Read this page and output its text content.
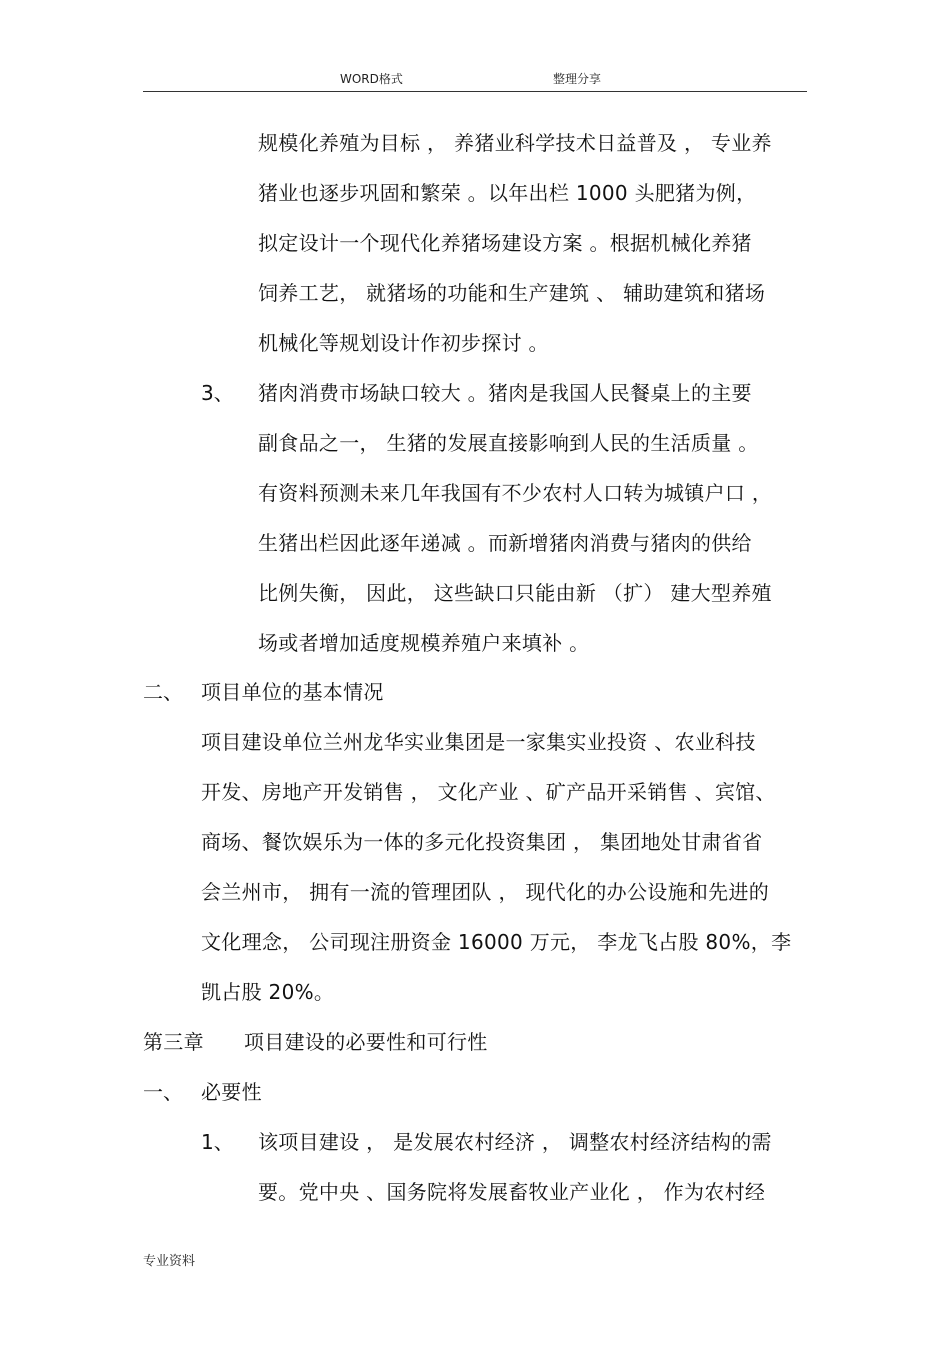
WORD格式	整理分享
规模化养殖为目标 ， 养猪业科学技术日益普及 ， 专业养
猪业也逐步巩固和繁荣 。以年出栏 1000 头肥猪为例，
拟定设计一个现代化养猪场建设方案 。根据机械化养猪
饲养工艺， 就猪场的功能和生产建筑 、 辅助建筑和猪场
机械化等规划设计作初步探讨 。
3、 猪肉消费市场缺口较大 。猪肉是我国人民餐桌上的主要
副食品之一， 生猪的发展直接影响到人民的生活质量 。
有资料预测未来几年我国有不少农村人口转为城镇户口 ，
生猪出栏因此逐年递减 。而新增猪肉消费与猪肉的供给
比例失衡， 因此， 这些缺口只能由新 （扩） 建大型养殖
场或者增加适度规模养殖户来填补 。
二、 项目单位的基本情况
项目建设单位兰州龙华实业集团是一家集实业投资 、农业科技
开发、房地产开发销售 ， 文化产业 、矿产品开采销售 、宾馆、
商场、餐饮娱乐为一体的多元化投资集团 ， 集团地处甘肃省省
会兰州市， 拥有一流的管理团队 ， 现代化的办公设施和先进的
文化理念， 公司现注册资金 16000 万元， 李龙飞占股 80%，李
凯占股 20%。
第三章 项目建设的必要性和可行性
一、 必要性
1、 该项目建设 ， 是发展农村经济 ， 调整农村经济结构的需
要。党中央 、国务院将发展畜牧业产业化 ， 作为农村经
专业资料
